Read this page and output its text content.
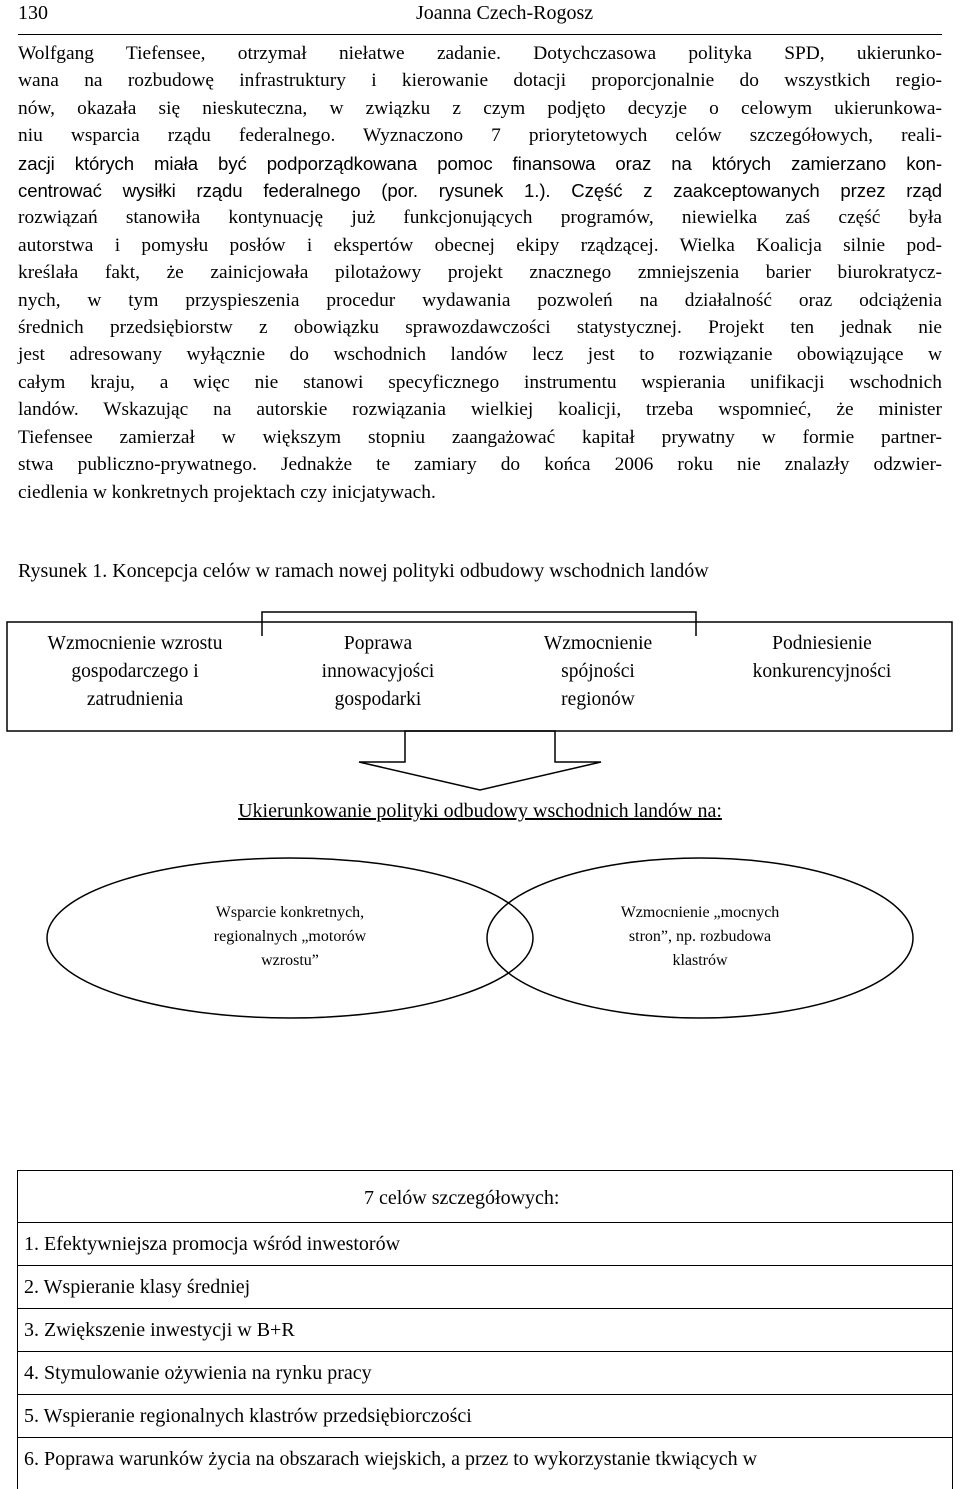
130	Joanna Czech-Rogosz
Wolfgang Tiefensee, otrzymał niełatwe zadanie. Dotychczasowa polityka SPD, ukierunko-
wana na rozbudowę infrastruktury i kierowanie dotacji proporcjonalnie do wszystkich regio-
nów, okazała się nieskuteczna, w związku z czym podjęto decyzje o celowym ukierunkowa-
niu wsparcia rządu federalnego. Wyznaczono 7 priorytetowych celów szczegółowych, reali-
zacji których miała być podporządkowana pomoc finansowa oraz na których zamierzano kon-
centrować wysiłki rządu federalnego (por. rysunek 1.). Część z zaakceptowanych przez rząd
rozwiązań stanowiła kontynuację już funkcjonujących programów, niewielka zaś część była
autorstwa i pomysłu posłów i ekspertów obecnej ekipy rządzącej. Wielka Koalicja silnie pod-
kreślała fakt, że zainicjowała pilotażowy projekt znacznego zmniejszenia barier biurokratycz-
nych, w tym przyspieszenia procedur wydawania pozwoleń na działalność oraz odciążenia
średnich przedsiębiorstw z obowiązku sprawozdawczości statystycznej. Projekt ten jednak nie
jest adresowany wyłącznie do wschodnich landów lecz jest to rozwiązanie obowiązujące w
całym kraju, a więc nie stanowi specyficznego instrumentu wspierania unifikacji wschodnich
landów. Wskazując na autorskie rozwiązania wielkiej koalicji, trzeba wspomnieć, że minister
Tiefensee zamierzał w większym stopniu zaangażować kapitał prywatny w formie partner-
stwa publiczno-prywatnego. Jednakże te zamiary do końca 2006 roku nie znalazły odzwier-
ciedlenia w konkretnych projektach czy inicjatywach.
Rysunek 1. Koncepcja celów w ramach nowej polityki odbudowy wschodnich landów
Wzmocnienie wzrostu
gospodarczego i
zatrudnienia
Poprawa
innowacyjości
gospodarki
Wzmocnienie
spójności
regionów
Podniesienie
konkurencyjności
Ukierunkowanie polityki odbudowy wschodnich landów na:
Wsparcie konkretnych,
regionalnych „motorów
wzrostu”
Wzmocnienie „mocnych
stron”, np. rozbudowa
klastrów
7 celów szczegółowych:
1. Efektywniejsza promocja wśród inwestorów
2. Wspieranie klasy średniej
3. Zwiększenie inwestycji w B+R
4. Stymulowanie ożywienia na rynku pracy
5. Wspieranie regionalnych klastrów przedsiębiorczości
6. Poprawa warunków życia na obszarach wiejskich, a przez to wykorzystanie tkwiących w
